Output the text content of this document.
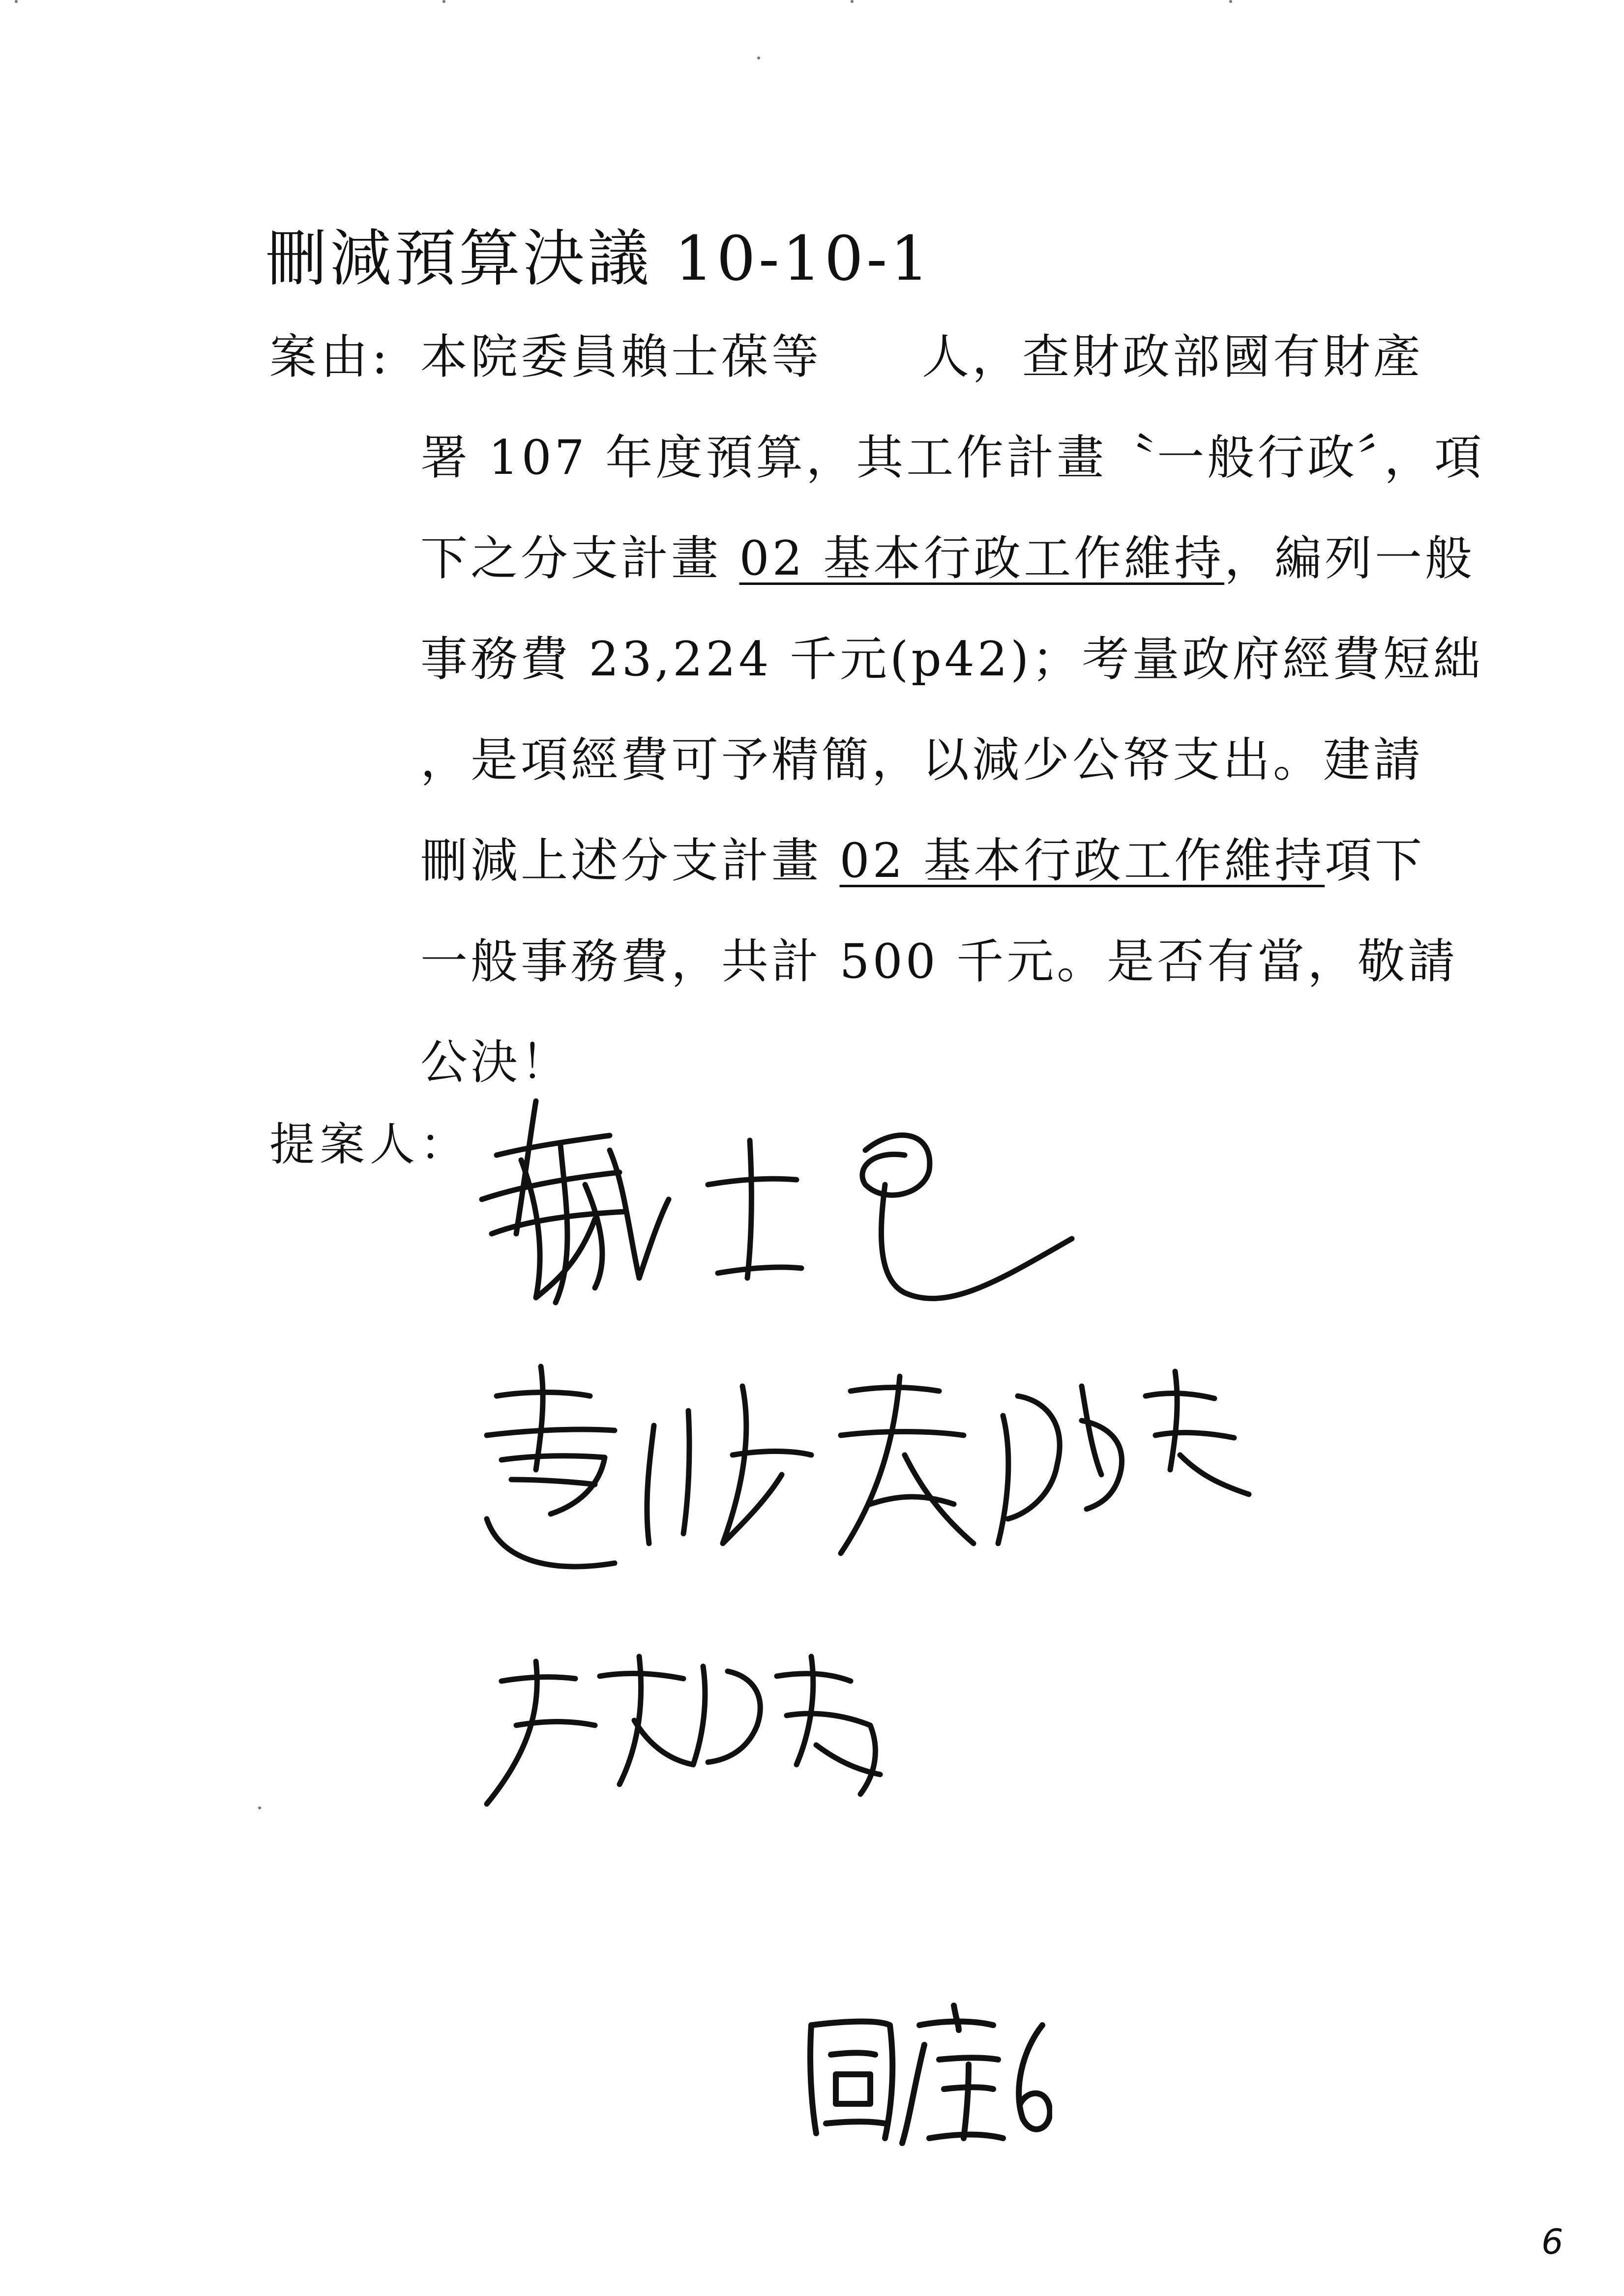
刪減預算決議 10-10-1
案由: 本院委員賴士葆等　　人，查財政部國有財產
署 107 年度預算，其工作計畫〝一般行政〞，項
下之分支計畫 02 基本行政工作維持，編列一般
事務費 23,224 千元(p42)；考量政府經費短絀
，是項經費可予精簡，以減少公帑支出。建請
刪減上述分支計畫 02 基本行政工作維持項下
一般事務費，共計 500 千元。是否有當，敬請
公決！
提案人：
6
